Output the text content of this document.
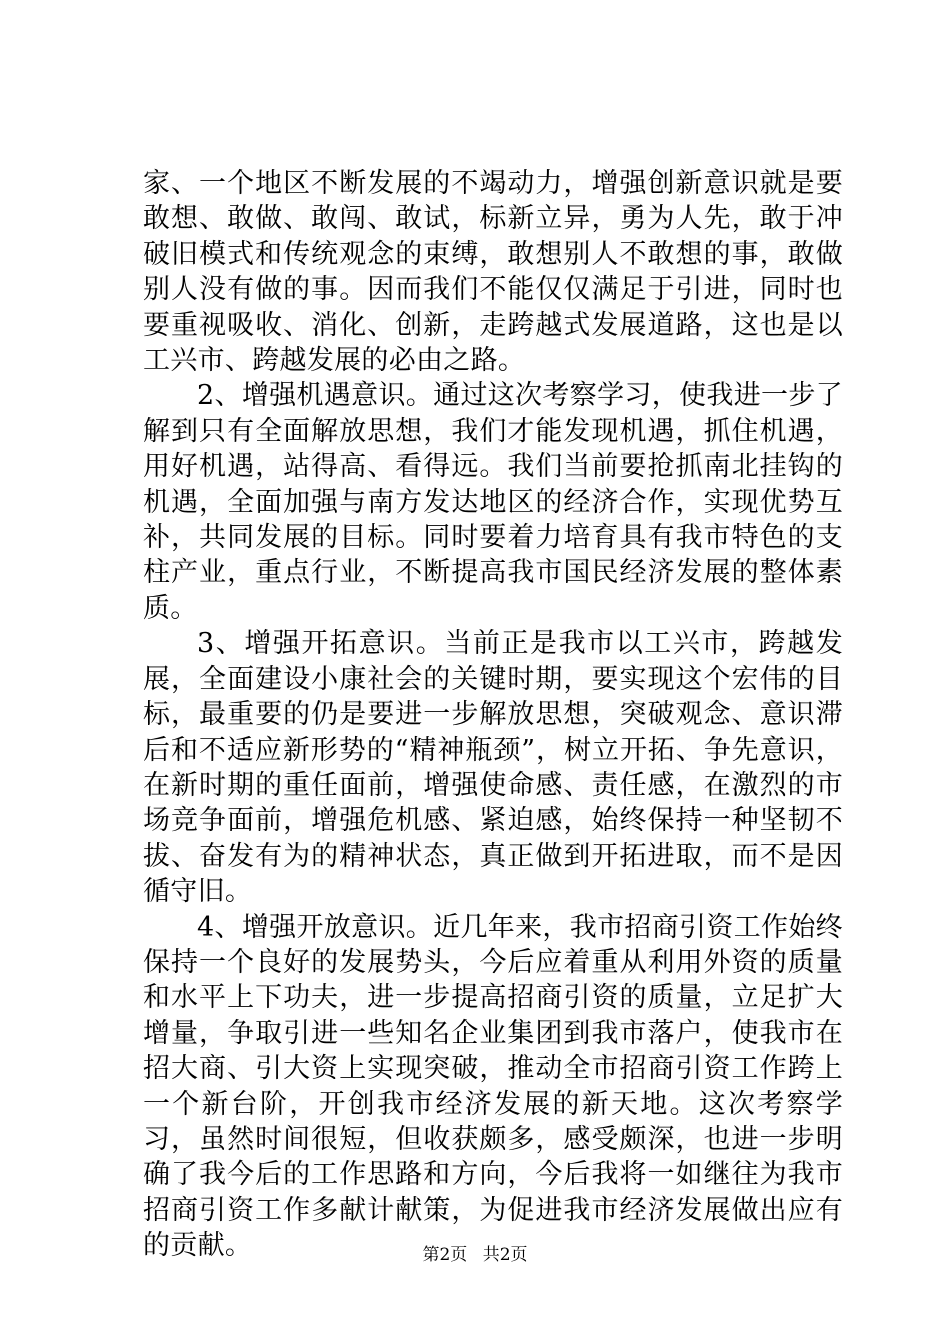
家、一个地区不断发展的不竭动力，增强创新意识就是要敢想、敢做、敢闯、敢试，标新立异，勇为人先，敢于冲破旧模式和传统观念的束缚，敢想别人不敢想的事，敢做别人没有做的事。因而我们不能仅仅满足于引进，同时也要重视吸收、消化、创新，走跨越式发展道路，这也是以工兴市、跨越发展的必由之路。

2、增强机遇意识。通过这次考察学习，使我进一步了解到只有全面解放思想，我们才能发现机遇，抓住机遇，用好机遇，站得高、看得远。我们当前要抢抓南北挂钩的机遇，全面加强与南方发达地区的经济合作，实现优势互补，共同发展的目标。同时要着力培育具有我市特色的支柱产业，重点行业，不断提高我市国民经济发展的整体素质。

3、增强开拓意识。当前正是我市以工兴市，跨越发展，全面建设小康社会的关键时期，要实现这个宏伟的目标，最重要的仍是要进一步解放思想，突破观念、意识滞后和不适应新形势的“精神瓶颈”，树立开拓、争先意识，在新时期的重任面前，增强使命感、责任感，在激烈的市场竞争面前，增强危机感、紧迫感，始终保持一种坚韧不拔、奋发有为的精神状态，真正做到开拓进取，而不是因循守旧。

4、增强开放意识。近几年来，我市招商引资工作始终保持一个良好的发展势头，今后应着重从利用外资的质量和水平上下功夫，进一步提高招商引资的质量，立足扩大增量，争取引进一些知名企业集团到我市落户，使我市在招大商、引大资上实现突破，推动全市招商引资工作跨上一个新台阶，开创我市经济发展的新天地。这次考察学习，虽然时间很短，但收获颇多，感受颇深，也进一步明确了我今后的工作思路和方向，今后我将一如继往为我市招商引资工作多献计献策，为促进我市经济发展做出应有的贡献。	第2页 共2页
